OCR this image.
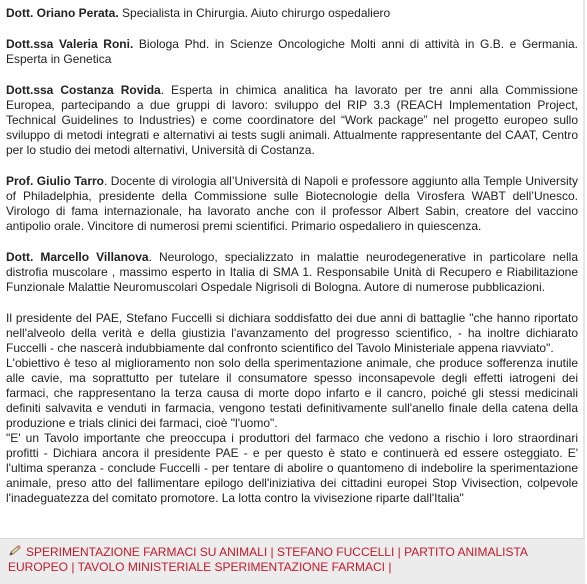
Dott. Oriano Perata. Specialista in Chirurgia. Aiuto chirurgo ospedaliero

Dott.ssa Valeria Roni. Biologa Phd. in Scienze Oncologiche Molti anni di attività in G.B. e Germania. Esperta in Genetica

Dott.ssa Costanza Rovida. Esperta in chimica analitica ha lavorato per tre anni alla Commissione Europea, partecipando a due gruppi di lavoro: sviluppo del RIP 3.3 (REACH Implementation Project, Technical Guidelines to Industries) e come coordinatore del “Work package” nel progetto europeo sullo sviluppo di metodi integrati e alternativi ai tests sugli animali. Attualmente rappresentante del CAAT, Centro per lo studio dei metodi alternativi, Università di Costanza.

Prof. Giulio Tarro. Docente di virologia all’Università di Napoli e professore aggiunto alla Temple University of Philadelphia, presidente della Commissione sulle Biotecnologie della Virosfera WABT dell’Unesco. Virologo di fama internazionale, ha lavorato anche con il professor Albert Sabin, creatore del vaccino antipolio orale. Vincitore di numerosi premi scientifici. Primario ospedaliero in quiescenza.

Dott. Marcello Villanova. Neurologo, specializzato in malattie neurodegenerative in particolare nella distrofia muscolare , massimo esperto in Italia di SMA 1. Responsabile Unità di Recupero e Riabilitazione Funzionale Malattie Neuromuscolari Ospedale Nigrisoli di Bologna. Autore di numerose pubblicazioni.

Il presidente del PAE, Stefano Fuccelli si dichiara soddisfatto dei due anni di battaglie "che hanno riportato nell'alveolo della verità e della giustizia l'avanzamento del progresso scientifico, - ha inoltre dichiarato Fuccelli - che nascerà indubbiamente dal confronto scientifico del Tavolo Ministeriale appena riavviato".

L'obiettivo è teso al miglioramento non solo della sperimentazione animale, che produce sofferenza inutile alle cavie, ma soprattutto per tutelare il consumatore spesso inconsapevole degli effetti iatrogeni dei farmaci, che rappresentano la terza causa di morte dopo infarto e il cancro, poiché gli stessi medicinali definiti salvavita e venduti in farmacia, vengono testati definitivamente sull'anello finale della catena della produzione e trials clinici dei farmaci, cioè "l'uomo".

"E' un Tavolo importante che preoccupa i produttori del farmaco che vedono a rischio i loro straordinari profitti - Dichiara ancora il presidente PAE - e per questo è stato e continuerà ed essere osteggiato. E' l'ultima speranza - conclude Fuccelli - per tentare di abolire o quantomeno di indebolire la sperimentazione animale, preso atto del fallimentare epilogo dell'iniziativa dei cittadini europei Stop Vivisection, colpevole l'inadeguatezza del comitato promotore. La lotta contro la vivisezione riparte dall'Italia"

SPERIMENTAZIONE FARMACI SU ANIMALI | STEFANO FUCCELLI | PARTITO ANIMALISTA EUROPEO | TAVOLO MINISTERIALE SPERIMENTAZIONE FARMACI |
